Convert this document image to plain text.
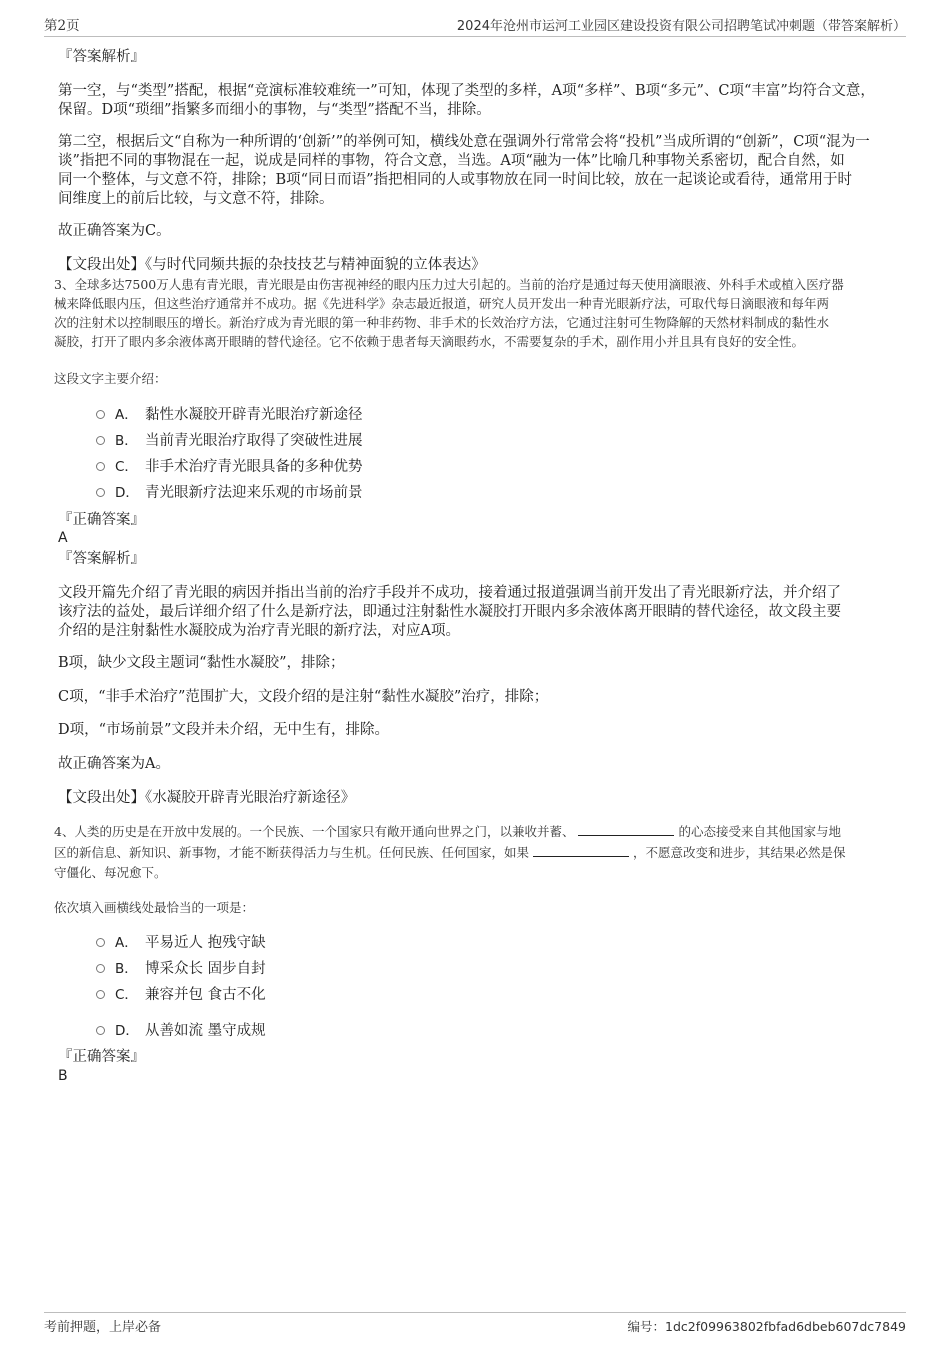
第2页	2024年沧州市运河工业园区建设投资有限公司招聘笔试冲刺题（带答案解析）
『答案解析』
第一空，与“类型”搭配，根据“竞演标准较难统一”可知，体现了类型的多样，A项“多样”、B项“多元”、C项“丰富”均符合文意，
保留。D项“琐细”指繁多而细小的事物，与“类型”搭配不当，排除。
第二空，根据后文“自称为一种所谓的‘创新’”的举例可知，横线处意在强调外行常常会将“投机”当成所谓的“创新”，C项“混为一
谈”指把不同的事物混在一起，说成是同样的事物，符合文意，当选。A项“融为一体”比喻几种事物关系密切，配合自然，如
同一个整体，与文意不符，排除；B项“同日而语”指把相同的人或事物放在同一时间比较，放在一起谈论或看待，通常用于时
间维度上的前后比较，与文意不符，排除。
故正确答案为C。
【文段出处】《与时代同频共振的杂技技艺与精神面貌的立体表达》
3、全球多达7500万人患有青光眼，青光眼是由伤害视神经的眼内压力过大引起的。当前的治疗是通过每天使用滴眼液、外科手术或植入医疗器
械来降低眼内压，但这些治疗通常并不成功。据《先进科学》杂志最近报道，研究人员开发出一种青光眼新疗法，可取代每日滴眼液和每年两
次的注射术以控制眼压的增长。新治疗成为青光眼的第一种非药物、非手术的长效治疗方法，它通过注射可生物降解的天然材料制成的黏性水
凝胶，打开了眼内多余液体离开眼睛的替代途径。它不依赖于患者每天滴眼药水，不需要复杂的手术，副作用小并且具有良好的安全性。
这段文字主要介绍：
A． 黏性水凝胶开辟青光眼治疗新途径
B． 当前青光眼治疗取得了突破性进展
C． 非手术治疗青光眼具备的多种优势
D． 青光眼新疗法迎来乐观的市场前景
『正确答案』
A
『答案解析』
文段开篇先介绍了青光眼的病因并指出当前的治疗手段并不成功，接着通过报道强调当前开发出了青光眼新疗法，并介绍了
该疗法的益处，最后详细介绍了什么是新疗法，即通过注射黏性水凝胶打开眼内多余液体离开眼睛的替代途径，故文段主要
介绍的是注射黏性水凝胶成为治疗青光眼的新疗法，对应A项。
B项，缺少文段主题词“黏性水凝胶”，排除；
C项，“非手术治疗”范围扩大，文段介绍的是注射“黏性水凝胶”治疗，排除；
D项，“市场前景”文段并未介绍，无中生有，排除。
故正确答案为A。
【文段出处】《水凝胶开辟青光眼治疗新途径》
4、人类的历史是在开放中发展的。一个民族、一个国家只有敞开通向世界之门，以兼收并蓄、	的心态接受来自其他国家与地
区的新信息、新知识、新事物，才能不断获得活力与生机。任何民族、任何国家，如果	，不愿意改变和进步，其结果必然是保
守僵化、每况愈下。
依次填入画横线处最恰当的一项是：
A． 平易近人 抱残守缺
B． 博采众长 固步自封
C． 兼容并包 食古不化
D． 从善如流 墨守成规
『正确答案』
B
考前押题，上岸必备	编号：1dc2f09963802fbfad6dbeb607dc7849
